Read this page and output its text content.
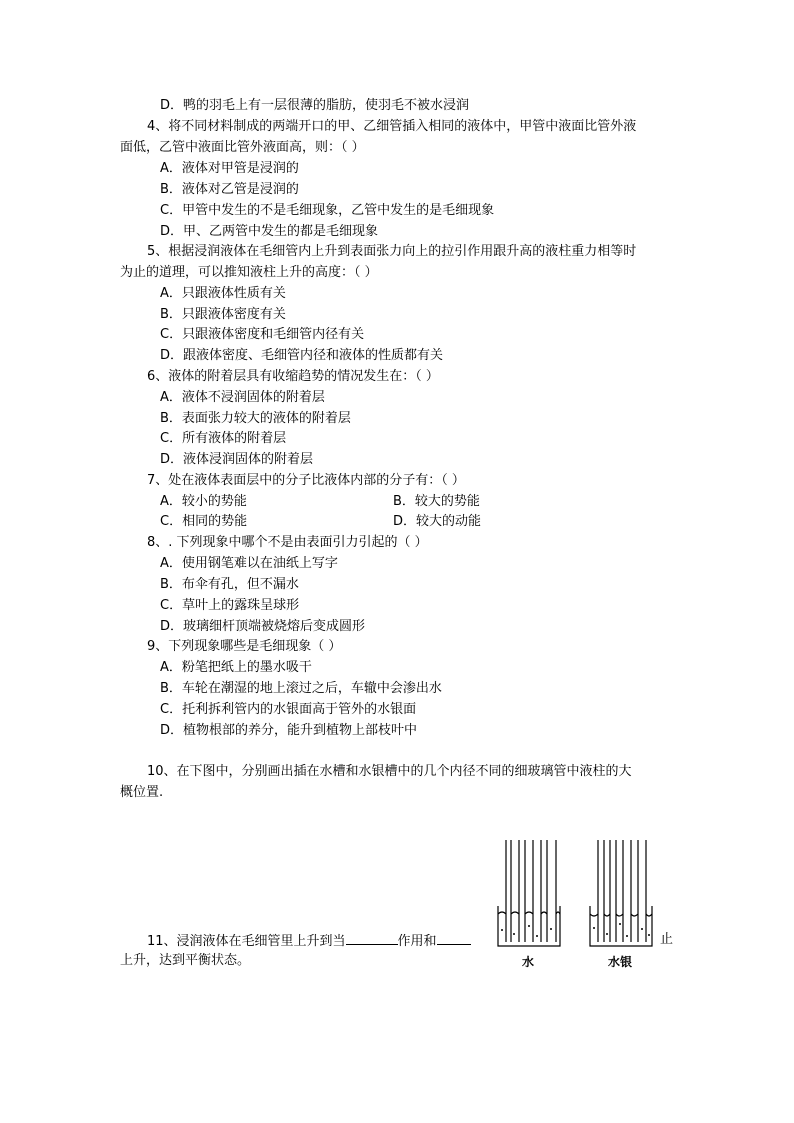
D．鸭的羽毛上有一层很薄的脂肪，使羽毛不被水浸润
4、将不同材料制成的两端开口的甲、乙细管插入相同的液体中，甲管中液面比管外液
面低，乙管中液面比管外液面高，则：（ ）
A．液体对甲管是浸润的
B．液体对乙管是浸润的
C．甲管中发生的不是毛细现象，乙管中发生的是毛细现象
D．甲、乙两管中发生的都是毛细现象
5、根据浸润液体在毛细管内上升到表面张力向上的拉引作用跟升高的液柱重力相等时
为止的道理，可以推知液柱上升的高度：（ ）
A．只跟液体性质有关
B．只跟液体密度有关
C．只跟液体密度和毛细管内径有关
D．跟液体密度、毛细管内径和液体的性质都有关
6、液体的附着层具有收缩趋势的情况发生在：（ ）
A．液体不浸润固体的附着层
B．表面张力较大的液体的附着层
C．所有液体的附着层
D．液体浸润固体的附着层
7、处在液体表面层中的分子比液体内部的分子有：（ ）
A．较小的势能	B．较大的势能
C．相同的势能	D．较大的动能
8、. 下列现象中哪个不是由表面引力引起的（ ）
A．使用钢笔难以在油纸上写字
B．布伞有孔，但不漏水
C．草叶上的露珠呈球形
D．玻璃细杆顶端被烧熔后变成圆形
9、下列现象哪些是毛细现象（ ）
A．粉笔把纸上的墨水吸干
B．车轮在潮湿的地上滚过之后，车辙中会渗出水
C．托利拆利管内的水银面高于管外的水银面
D．植物根部的养分，能升到植物上部枝叶中
10、在下图中，分别画出插在水槽和水银槽中的几个内径不同的细玻璃管中液柱的大
概位置.
11、浸润液体在毛细管里上升到当	作用和	止
上升，达到平衡状态。	水	水银
